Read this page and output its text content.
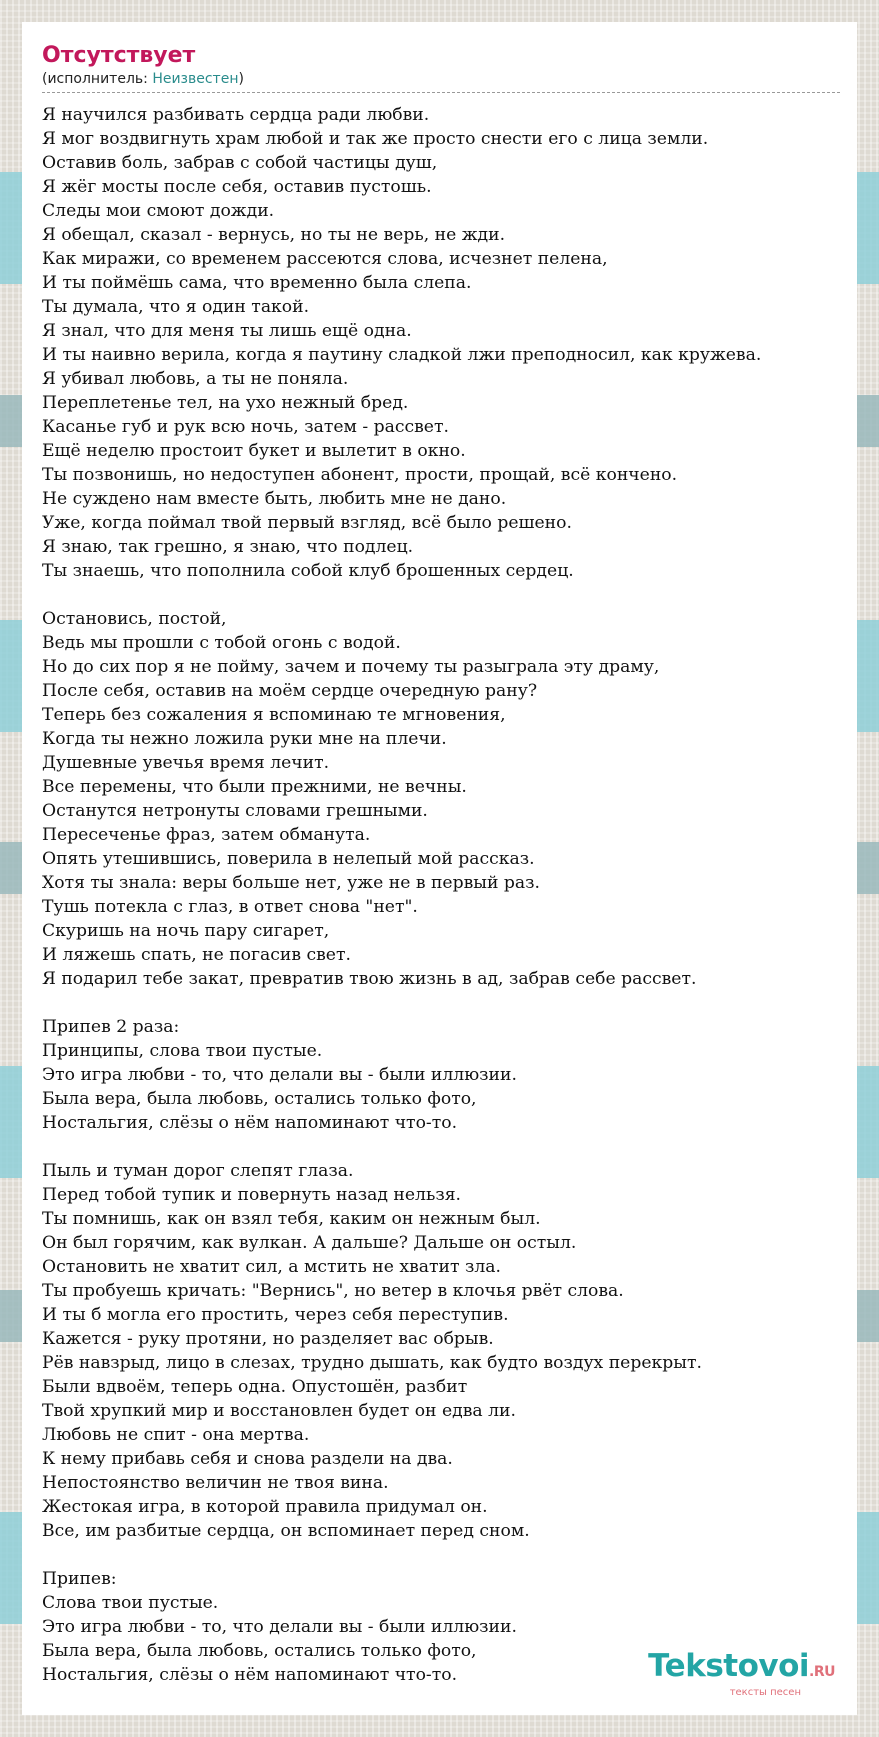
Отсутствует
(исполнитель: Неизвестен)
Я научился разбивать сердца ради любви.
Я мог воздвигнуть храм любой и так же просто снести его с лица земли.
Оставив боль, забрав с собой частицы душ,
Я жёг мосты после себя, оставив пустошь.
Следы мои смоют дожди.
Я обещал, сказал - вернусь, но ты не верь, не жди.
Как миражи, со временем рассеются слова, исчезнет пелена,
И ты поймёшь сама, что временно была слепа.
Ты думала, что я один такой.
Я знал, что для меня ты лишь ещё одна.
И ты наивно верила, когда я паутину сладкой лжи преподносил, как кружева.
Я убивал любовь, а ты не поняла.
Переплетенье тел, на ухо нежный бред.
Касанье губ и рук всю ночь, затем - рассвет.
Ещё неделю простоит букет и вылетит в окно.
Ты позвонишь, но недоступен абонент, прости, прощай, всё кончено.
Не суждено нам вместе быть, любить мне не дано.
Уже, когда поймал твой первый взгляд, всё было решено.
Я знаю, так грешно, я знаю, что подлец.
Ты знаешь, что пополнила собой клуб брошенных сердец.
Остановись, постой,
Ведь мы прошли с тобой огонь с водой.
Но до сих пор я не пойму, зачем и почему ты разыграла эту драму,
После себя, оставив на моём сердце очередную рану?
Теперь без сожаления я вспоминаю те мгновения,
Когда ты нежно ложила руки мне на плечи.
Душевные увечья время лечит.
Все перемены, что были прежними, не вечны.
Останутся нетронуты словами грешными.
Пересеченье фраз, затем обманута.
Опять утешившись, поверила в нелепый мой рассказ.
Хотя ты знала: веры больше нет, уже не в первый раз.
Тушь потекла с глаз, в ответ снова "нет".
Скуришь на ночь пару сигарет,
И ляжешь спать, не погасив свет.
Я подарил тебе закат, превратив твою жизнь в ад, забрав себе рассвет.
Припев 2 раза:
Принципы, слова твои пустые.
Это игра любви - то, что делали вы - были иллюзии.
Была вера, была любовь, остались только фото,
Ностальгия, слёзы о нём напоминают что-то.
Пыль и туман дорог слепят глаза.
Перед тобой тупик и повернуть назад нельзя.
Ты помнишь, как он взял тебя, каким он нежным был.
Он был горячим, как вулкан. А дальше? Дальше он остыл.
Остановить не хватит сил, а мстить не хватит зла.
Ты пробуешь кричать: "Вернись", но ветер в клочья рвёт слова.
И ты б могла его простить, через себя переступив.
Кажется - руку протяни, но разделяет вас обрыв.
Рёв навзрыд, лицо в слезах, трудно дышать, как будто воздух перекрыт.
Были вдвоём, теперь одна. Опустошён, разбит
Твой хрупкий мир и восстановлен будет он едва ли.
Любовь не спит - она мертва.
К нему прибавь себя и снова раздели на два.
Непостоянство величин не твоя вина.
Жестокая игра, в которой правила придумал он.
Все, им разбитые сердца, он вспоминает перед сном.
Припев:
Слова твои пустые.
Это игра любви - то, что делали вы - были иллюзии.
Была вера, была любовь, остались только фото,
Ностальгия, слёзы о нём напоминают что-то.	Tekstovoi.RU
тексты песен
